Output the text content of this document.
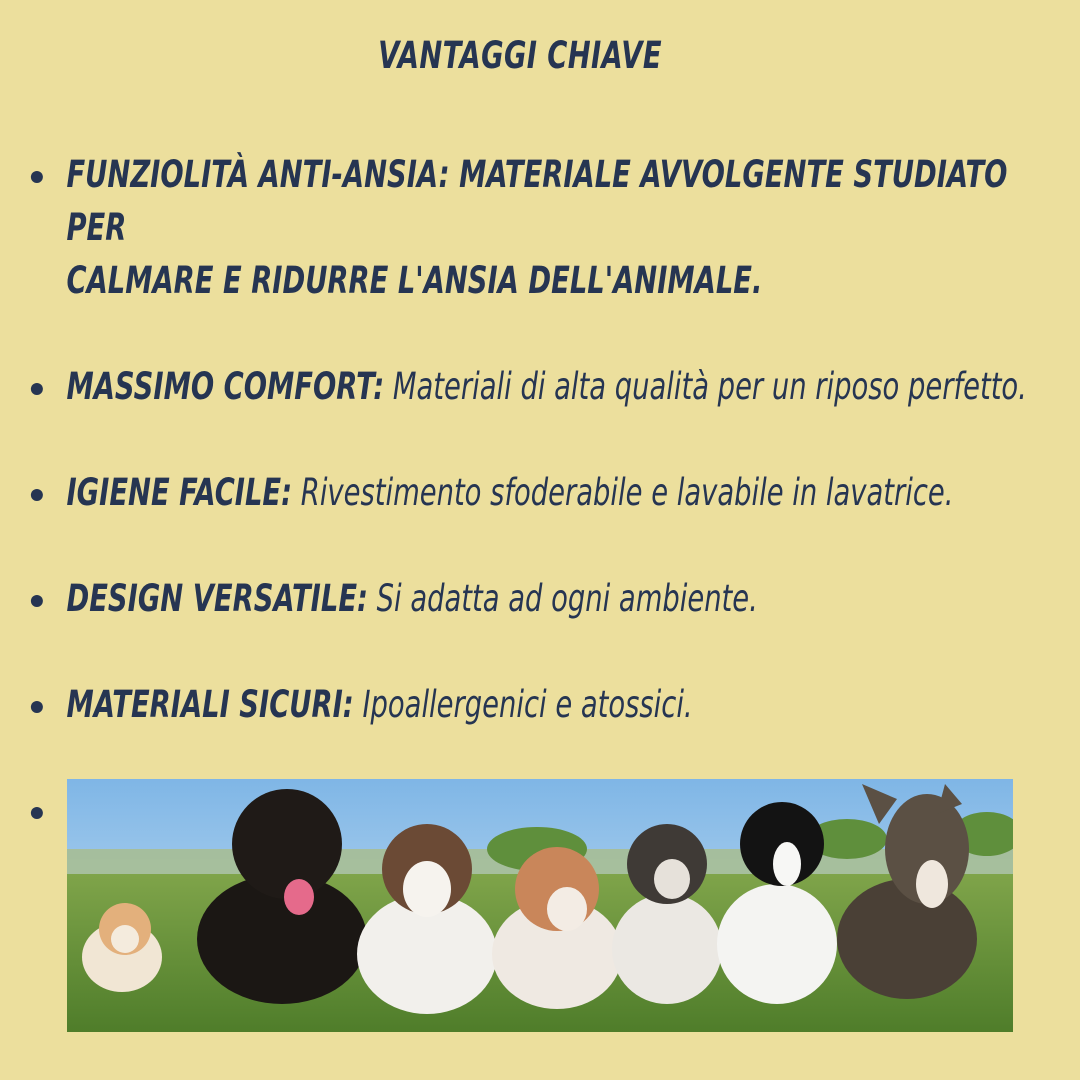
VANTAGGI CHIAVE
FUNZIOLITÀ ANTI-ANSIA: MATERIALE AVVOLGENTE STUDIATO PER
CALMARE E RIDURRE L'ANSIA DELL'ANIMALE.
MASSIMO COMFORT: Materiali di alta qualità per un riposo perfetto.
IGIENE FACILE: Rivestimento sfoderabile e lavabile in lavatrice.
DESIGN VERSATILE: Si adatta ad ogni ambiente.
MATERIALI SICURI: Ipoallergenici e atossici.
